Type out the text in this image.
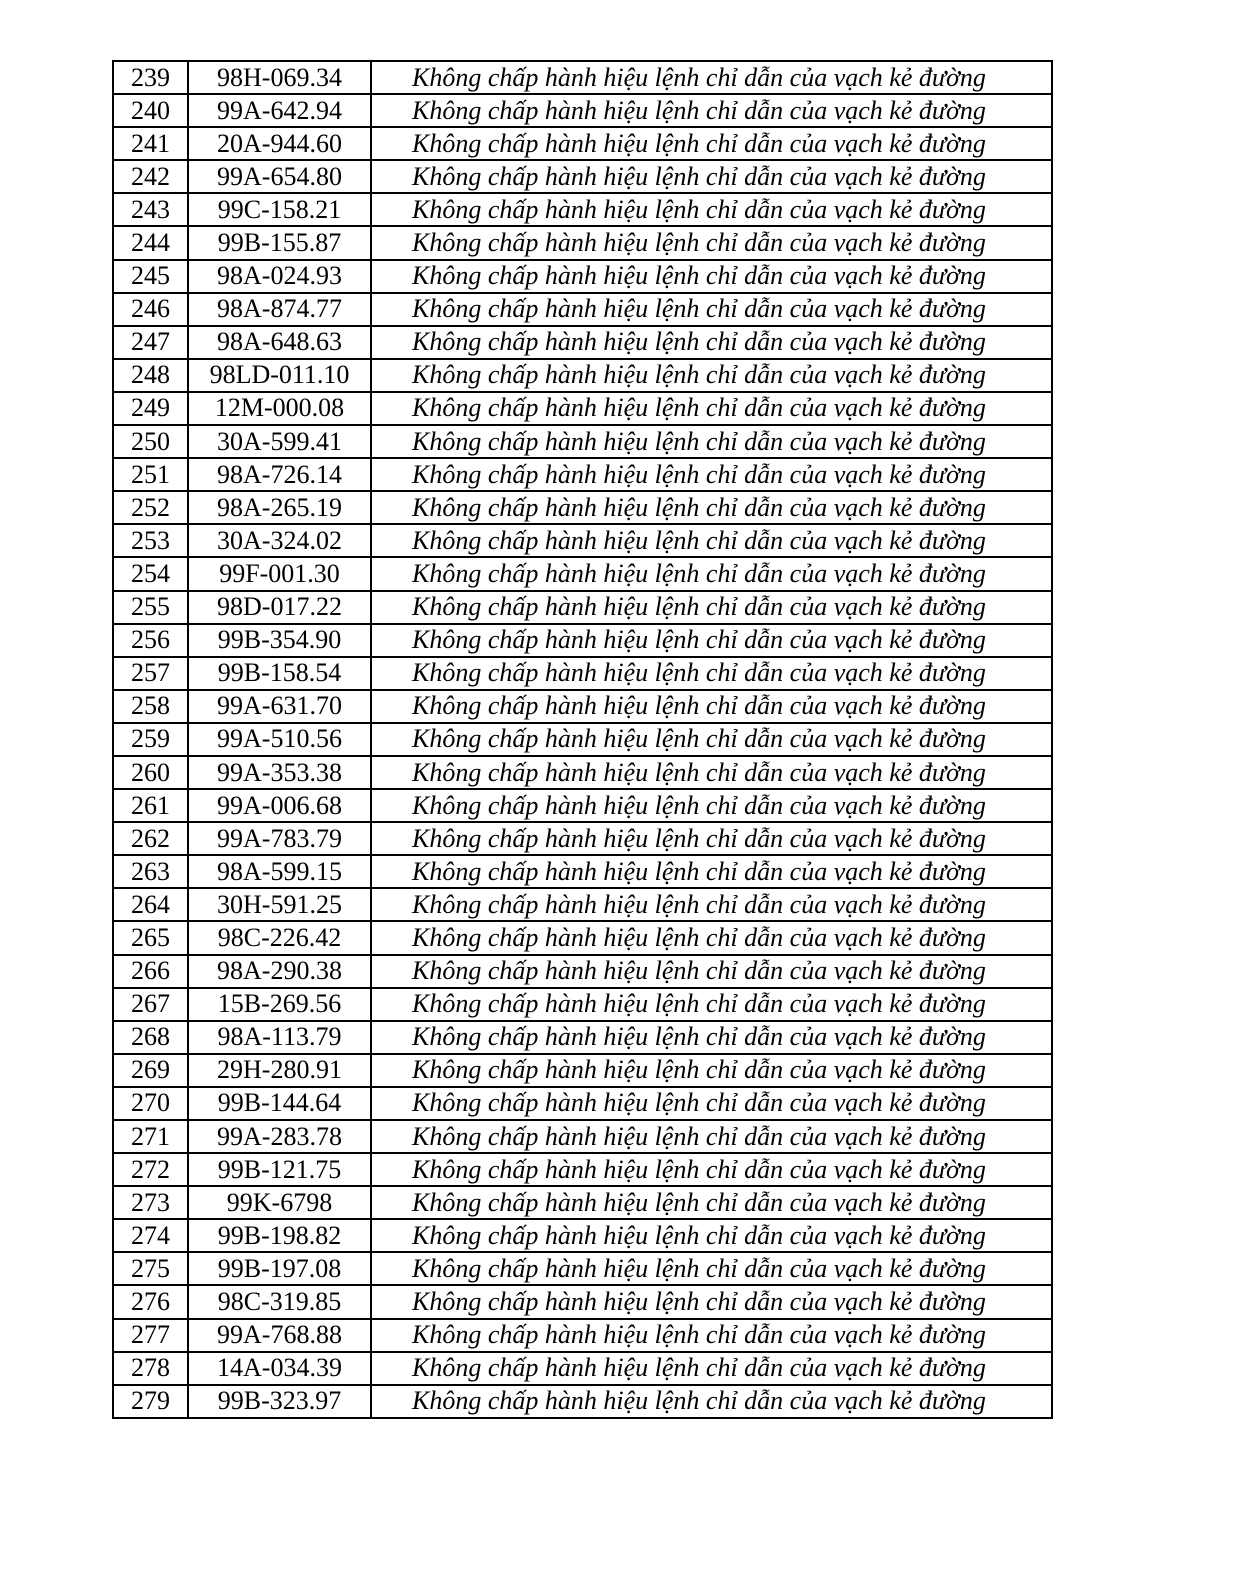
239	98H-069.34	Không chấp hành hiệu lệnh chỉ dẫn của vạch kẻ đường
240	99A-642.94	Không chấp hành hiệu lệnh chỉ dẫn của vạch kẻ đường
241	20A-944.60	Không chấp hành hiệu lệnh chỉ dẫn của vạch kẻ đường
242	99A-654.80	Không chấp hành hiệu lệnh chỉ dẫn của vạch kẻ đường
243	99C-158.21	Không chấp hành hiệu lệnh chỉ dẫn của vạch kẻ đường
244	99B-155.87	Không chấp hành hiệu lệnh chỉ dẫn của vạch kẻ đường
245	98A-024.93	Không chấp hành hiệu lệnh chỉ dẫn của vạch kẻ đường
246	98A-874.77	Không chấp hành hiệu lệnh chỉ dẫn của vạch kẻ đường
247	98A-648.63	Không chấp hành hiệu lệnh chỉ dẫn của vạch kẻ đường
248	98LD-011.10	Không chấp hành hiệu lệnh chỉ dẫn của vạch kẻ đường
249	12M-000.08	Không chấp hành hiệu lệnh chỉ dẫn của vạch kẻ đường
250	30A-599.41	Không chấp hành hiệu lệnh chỉ dẫn của vạch kẻ đường
251	98A-726.14	Không chấp hành hiệu lệnh chỉ dẫn của vạch kẻ đường
252	98A-265.19	Không chấp hành hiệu lệnh chỉ dẫn của vạch kẻ đường
253	30A-324.02	Không chấp hành hiệu lệnh chỉ dẫn của vạch kẻ đường
254	99F-001.30	Không chấp hành hiệu lệnh chỉ dẫn của vạch kẻ đường
255	98D-017.22	Không chấp hành hiệu lệnh chỉ dẫn của vạch kẻ đường
256	99B-354.90	Không chấp hành hiệu lệnh chỉ dẫn của vạch kẻ đường
257	99B-158.54	Không chấp hành hiệu lệnh chỉ dẫn của vạch kẻ đường
258	99A-631.70	Không chấp hành hiệu lệnh chỉ dẫn của vạch kẻ đường
259	99A-510.56	Không chấp hành hiệu lệnh chỉ dẫn của vạch kẻ đường
260	99A-353.38	Không chấp hành hiệu lệnh chỉ dẫn của vạch kẻ đường
261	99A-006.68	Không chấp hành hiệu lệnh chỉ dẫn của vạch kẻ đường
262	99A-783.79	Không chấp hành hiệu lệnh chỉ dẫn của vạch kẻ đường
263	98A-599.15	Không chấp hành hiệu lệnh chỉ dẫn của vạch kẻ đường
264	30H-591.25	Không chấp hành hiệu lệnh chỉ dẫn của vạch kẻ đường
265	98C-226.42	Không chấp hành hiệu lệnh chỉ dẫn của vạch kẻ đường
266	98A-290.38	Không chấp hành hiệu lệnh chỉ dẫn của vạch kẻ đường
267	15B-269.56	Không chấp hành hiệu lệnh chỉ dẫn của vạch kẻ đường
268	98A-113.79	Không chấp hành hiệu lệnh chỉ dẫn của vạch kẻ đường
269	29H-280.91	Không chấp hành hiệu lệnh chỉ dẫn của vạch kẻ đường
270	99B-144.64	Không chấp hành hiệu lệnh chỉ dẫn của vạch kẻ đường
271	99A-283.78	Không chấp hành hiệu lệnh chỉ dẫn của vạch kẻ đường
272	99B-121.75	Không chấp hành hiệu lệnh chỉ dẫn của vạch kẻ đường
273	99K-6798	Không chấp hành hiệu lệnh chỉ dẫn của vạch kẻ đường
274	99B-198.82	Không chấp hành hiệu lệnh chỉ dẫn của vạch kẻ đường
275	99B-197.08	Không chấp hành hiệu lệnh chỉ dẫn của vạch kẻ đường
276	98C-319.85	Không chấp hành hiệu lệnh chỉ dẫn của vạch kẻ đường
277	99A-768.88	Không chấp hành hiệu lệnh chỉ dẫn của vạch kẻ đường
278	14A-034.39	Không chấp hành hiệu lệnh chỉ dẫn của vạch kẻ đường
279	99B-323.97	Không chấp hành hiệu lệnh chỉ dẫn của vạch kẻ đường
